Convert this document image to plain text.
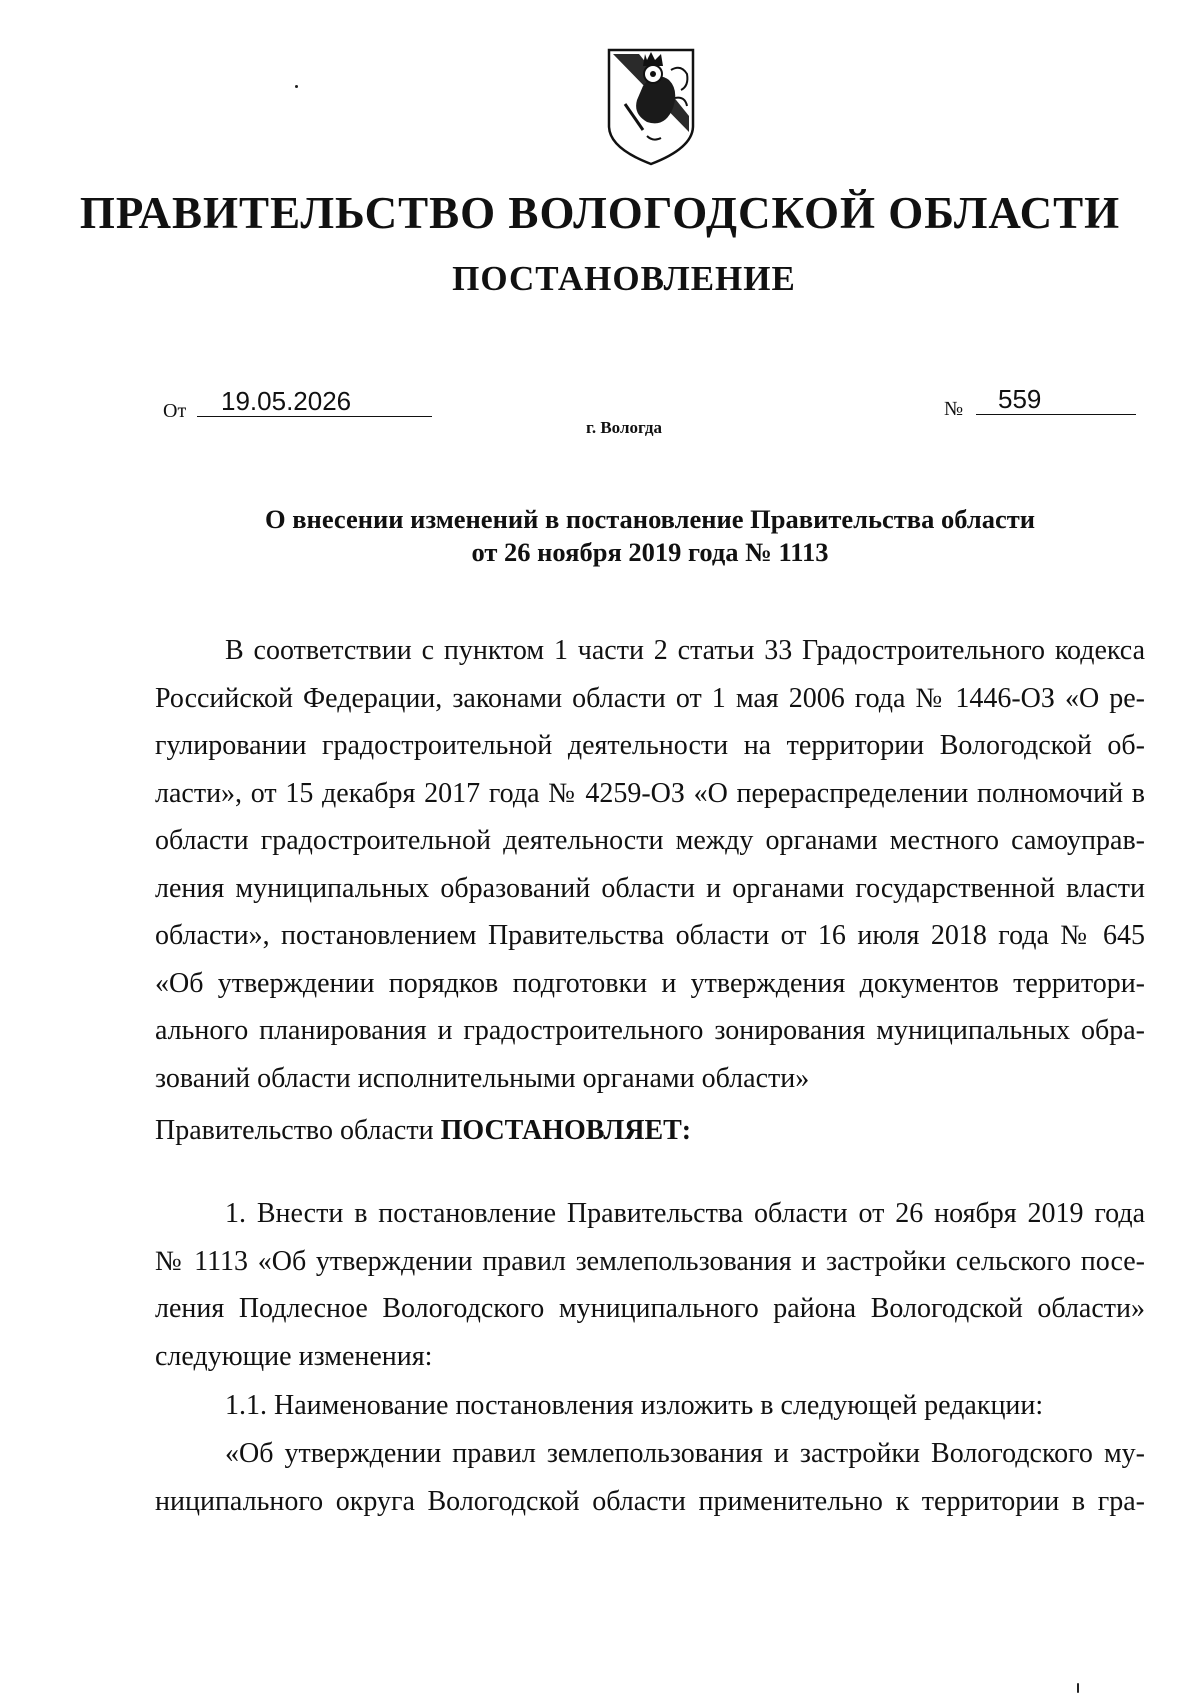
ПРАВИТЕЛЬСТВО ВОЛОГОДСКОЙ ОБЛАСТИ
ПОСТАНОВЛЕНИЕ
От	19.05.2026	№	559
г. Вологда
О внесении изменений в постановление Правительства области
от 26 ноября 2019 года № 1113
В соответствии с пунктом 1 части 2 статьи 33 Градостроительного кодекса
Российской Федерации, законами области от 1 мая 2006 года № 1446-ОЗ «О ре-
гулировании градостроительной деятельности на территории Вологодской об-
ласти», от 15 декабря 2017 года № 4259-ОЗ «О перераспределении полномочий в
области градостроительной деятельности между органами местного самоуправ-
ления муниципальных образований области и органами государственной власти
области», постановлением Правительства области от 16 июля 2018 года № 645
«Об утверждении порядков подготовки и утверждения документов территори-
ального планирования и градостроительного зонирования муниципальных обра-
зований области исполнительными органами области»
Правительство области ПОСТАНОВЛЯЕТ:
1. Внести в постановление Правительства области от 26 ноября 2019 года
№ 1113 «Об утверждении правил землепользования и застройки сельского посе-
ления Подлесное Вологодского муниципального района Вологодской области»
следующие изменения:
1.1. Наименование постановления изложить в следующей редакции:
«Об утверждении правил землепользования и застройки Вологодского му-
ниципального округа Вологодской области применительно к территории в гра-
